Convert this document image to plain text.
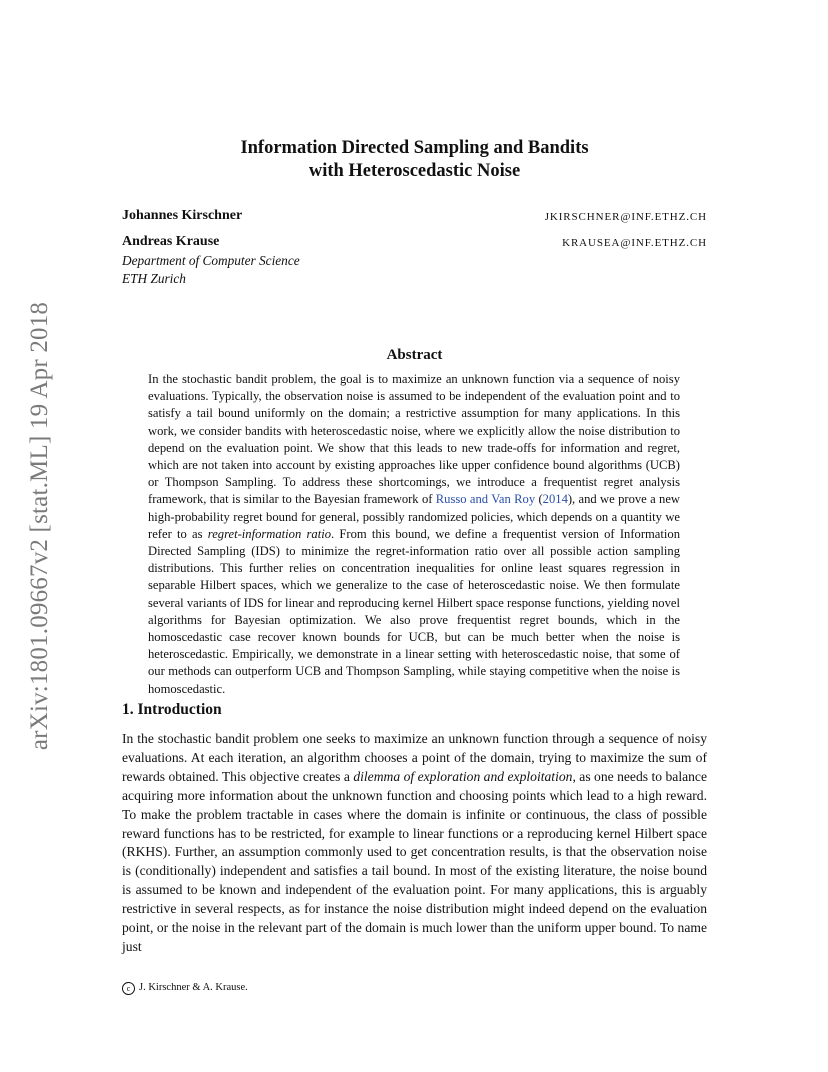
arXiv:1801.09667v2 [stat.ML] 19 Apr 2018
Information Directed Sampling and Bandits
with Heteroscedastic Noise
Johannes Kirschner	JKIRSCHNER@INF.ETHZ.CH
Andreas Krause	KRAUSEA@INF.ETHZ.CH
Department of Computer Science
ETH Zurich
Abstract
In the stochastic bandit problem, the goal is to maximize an unknown function via a sequence of noisy evaluations. Typically, the observation noise is assumed to be independent of the evaluation point and to satisfy a tail bound uniformly on the domain; a restrictive assumption for many applications. In this work, we consider bandits with heteroscedastic noise, where we explicitly allow the noise distribution to depend on the evaluation point. We show that this leads to new trade-offs for information and regret, which are not taken into account by existing approaches like upper confidence bound algorithms (UCB) or Thompson Sampling. To address these shortcomings, we introduce a frequentist regret analysis framework, that is similar to the Bayesian framework of Russo and Van Roy (2014), and we prove a new high-probability regret bound for general, possibly randomized policies, which depends on a quantity we refer to as regret-information ratio. From this bound, we define a frequentist version of Information Directed Sampling (IDS) to minimize the regret-information ratio over all possible action sampling distributions. This further relies on concentration inequalities for online least squares regression in separable Hilbert spaces, which we generalize to the case of heteroscedastic noise. We then formulate several variants of IDS for linear and reproducing kernel Hilbert space response functions, yielding novel algorithms for Bayesian optimization. We also prove frequentist regret bounds, which in the homoscedastic case recover known bounds for UCB, but can be much better when the noise is heteroscedastic. Empirically, we demonstrate in a linear setting with heteroscedastic noise, that some of our methods can outperform UCB and Thompson Sampling, while staying competitive when the noise is homoscedastic.
1. Introduction
In the stochastic bandit problem one seeks to maximize an unknown function through a sequence of noisy evaluations. At each iteration, an algorithm chooses a point of the domain, trying to maximize the sum of rewards obtained. This objective creates a dilemma of exploration and exploitation, as one needs to balance acquiring more information about the unknown function and choosing points which lead to a high reward. To make the problem tractable in cases where the domain is infinite or continuous, the class of possible reward functions has to be restricted, for example to linear functions or a reproducing kernel Hilbert space (RKHS). Further, an assumption commonly used to get concentration results, is that the observation noise is (conditionally) independent and satisfies a tail bound. In most of the existing literature, the noise bound is assumed to be known and independent of the evaluation point. For many applications, this is arguably restrictive in several respects, as for instance the noise distribution might indeed depend on the evaluation point, or the noise in the relevant part of the domain is much lower than the uniform upper bound. To name just
c J. Kirschner & A. Krause.
